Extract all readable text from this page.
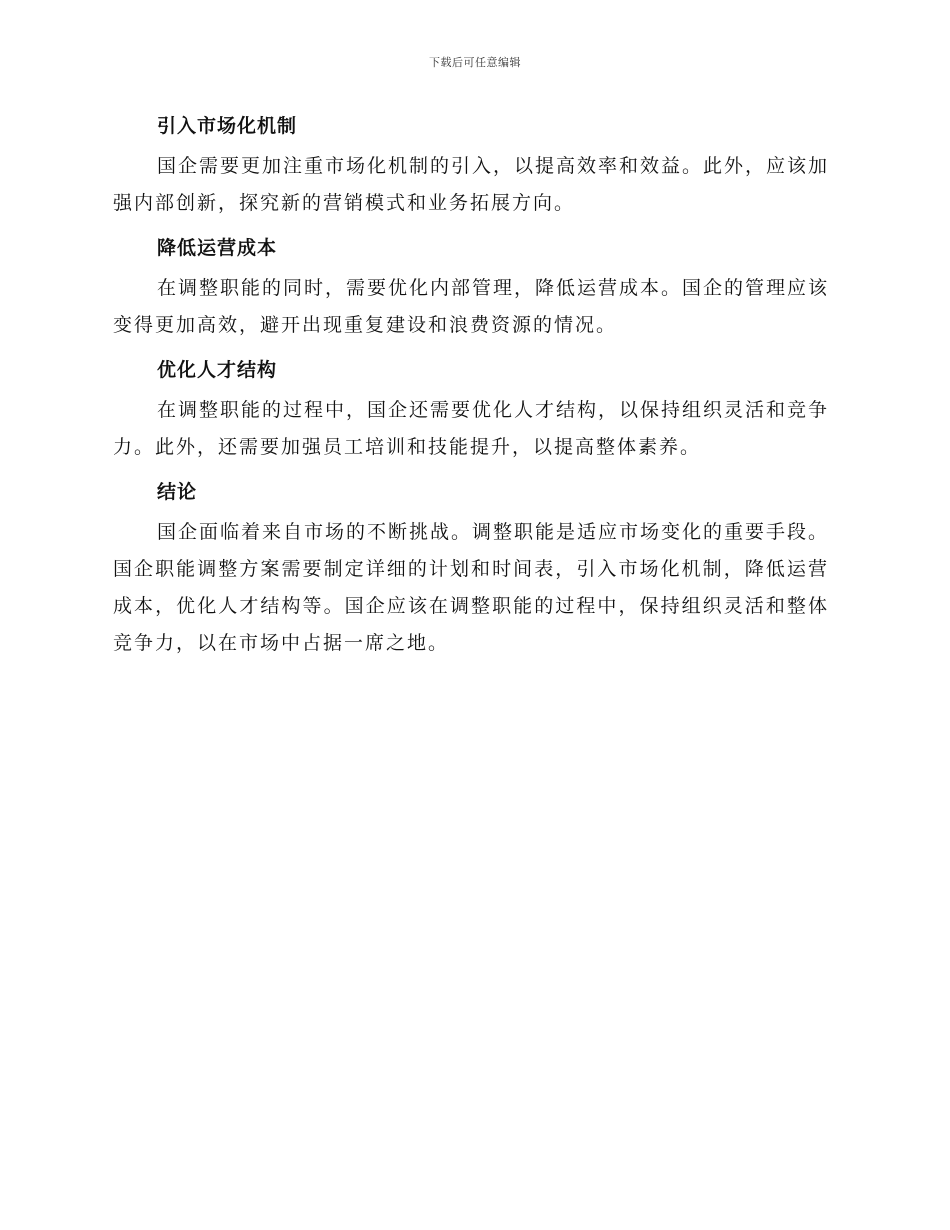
下载后可任意编辑
引入市场化机制

国企需要更加注重市场化机制的引入，以提高效率和效益。此外，应该加强内部创新，探究新的营销模式和业务拓展方向。

降低运营成本

在调整职能的同时，需要优化内部管理，降低运营成本。国企的管理应该变得更加高效，避开出现重复建设和浪费资源的情况。

优化人才结构

在调整职能的过程中，国企还需要优化人才结构，以保持组织灵活和竞争力。此外，还需要加强员工培训和技能提升，以提高整体素养。

结论

国企面临着来自市场的不断挑战。调整职能是适应市场变化的重要手段。国企职能调整方案需要制定详细的计划和时间表，引入市场化机制，降低运营成本，优化人才结构等。国企应该在调整职能的过程中，保持组织灵活和整体竞争力，以在市场中占据一席之地。
